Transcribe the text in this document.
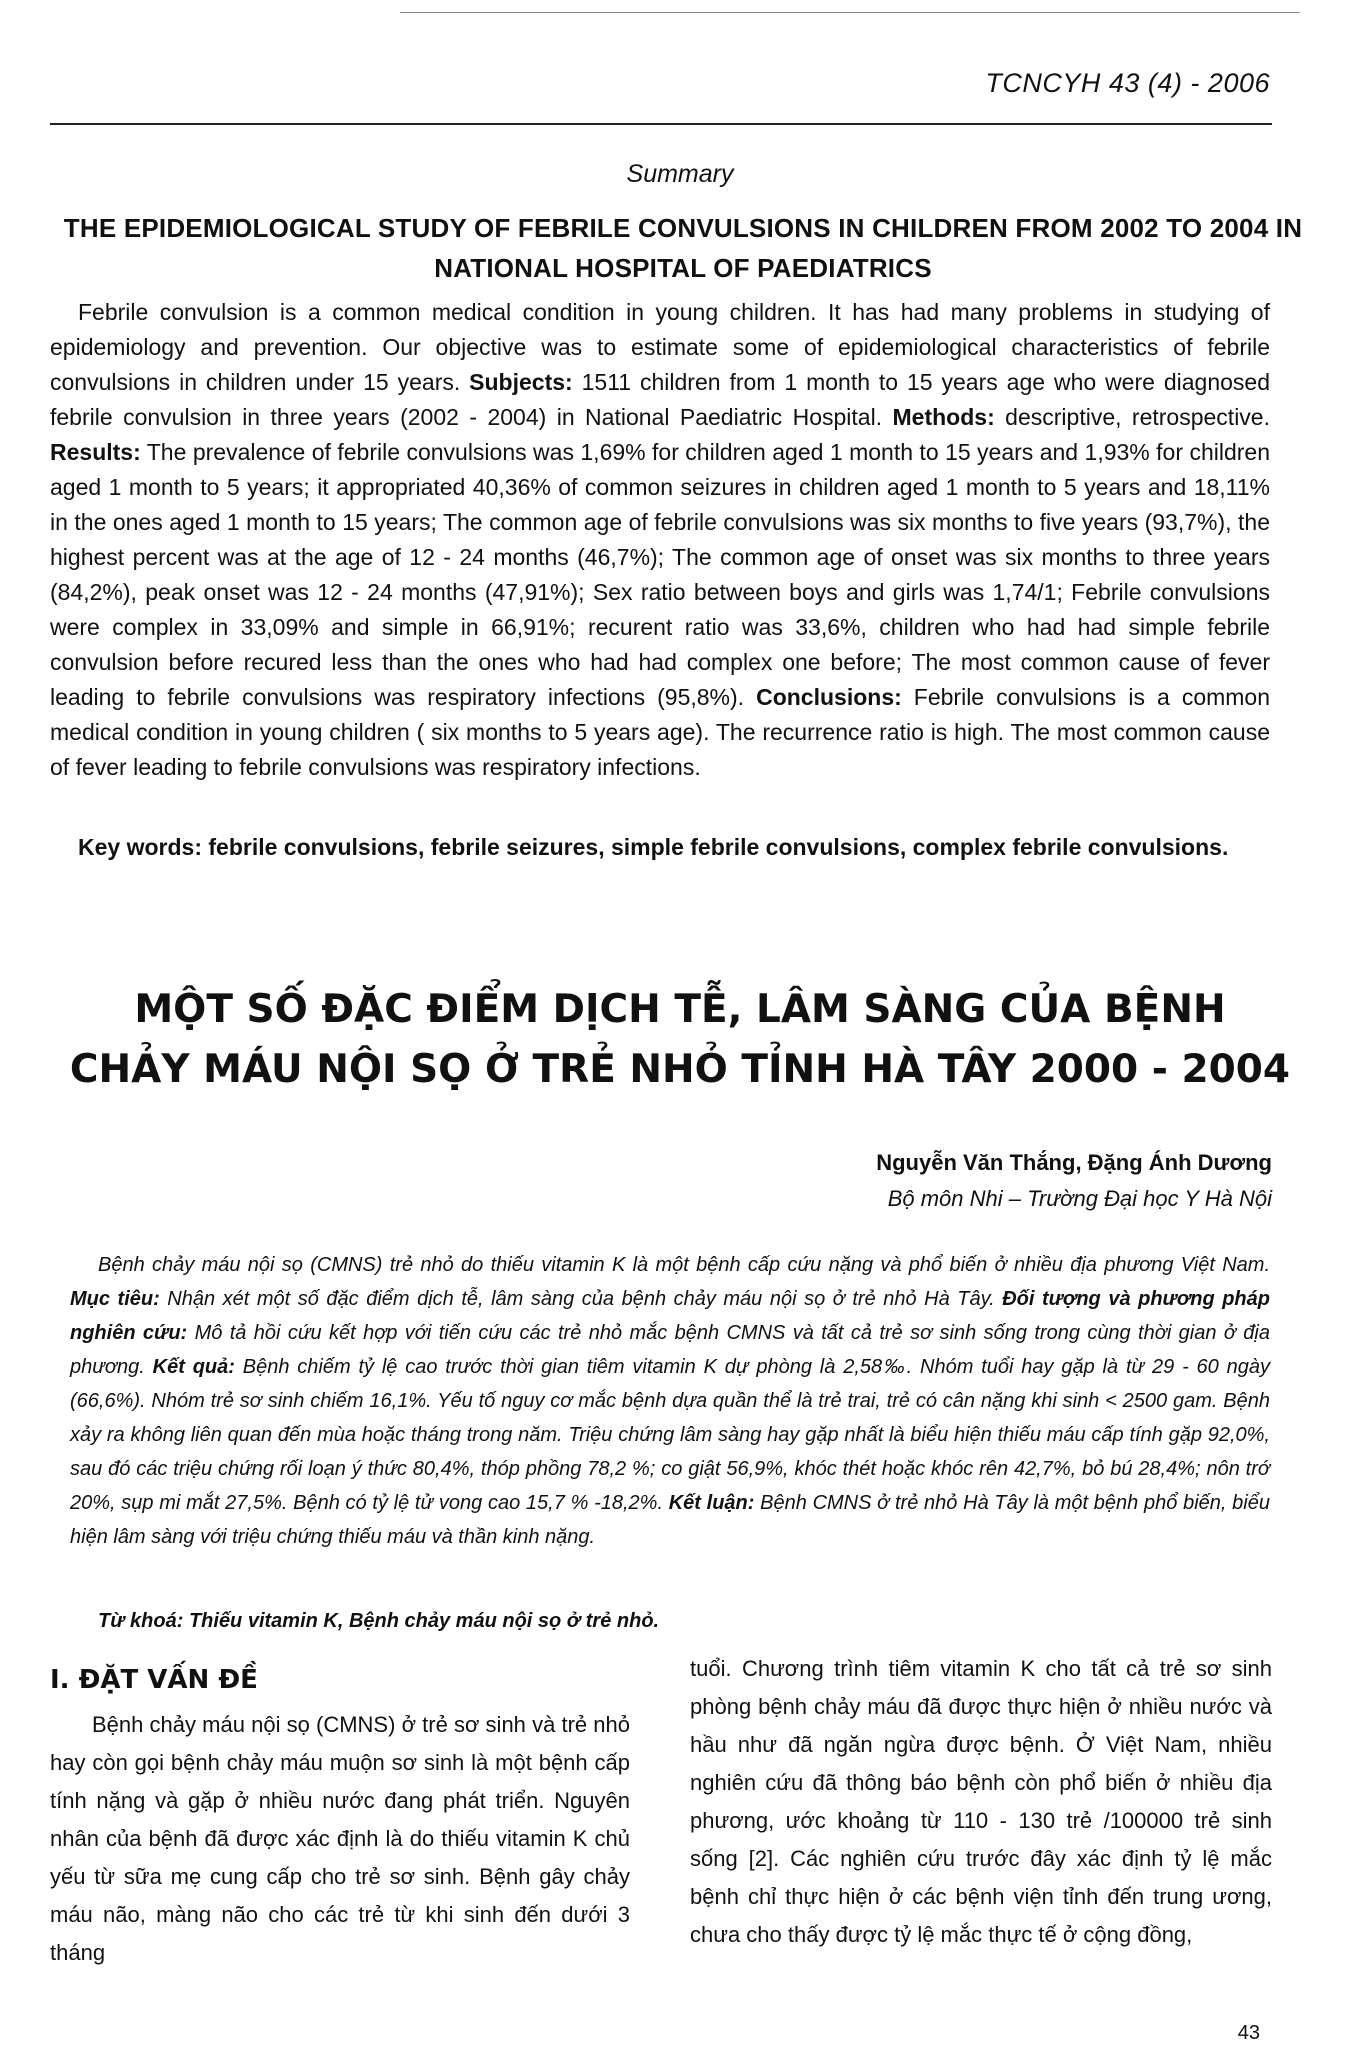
TCNCYH 43 (4) - 2006
Summary
THE EPIDEMIOLOGICAL STUDY OF FEBRILE CONVULSIONS IN CHILDREN FROM 2002 TO 2004 IN NATIONAL HOSPITAL OF PAEDIATRICS

Febrile convulsion is a common medical condition in young children. It has had many problems in studying of epidemiology and prevention. Our objective was to estimate some of epidemiological characteristics of febrile convulsions in children under 15 years. Subjects: 1511 children from 1 month to 15 years age who were diagnosed febrile convulsion in three years (2002 - 2004) in National Paediatric Hospital. Methods: descriptive, retrospective. Results: The prevalence of febrile convulsions was 1,69% for children aged 1 month to 15 years and 1,93% for children aged 1 month to 5 years; it appropriated 40,36% of common seizures in children aged 1 month to 5 years and 18,11% in the ones aged 1 month to 15 years; The common age of febrile convulsions was six months to five years (93,7%), the highest percent was at the age of 12 - 24 months (46,7%); The common age of onset was six months to three years (84,2%), peak onset was 12 - 24 months (47,91%); Sex ratio between boys and girls was 1,74/1; Febrile convulsions were complex in 33,09% and simple in 66,91%; recurent ratio was 33,6%, children who had had simple febrile convulsion before recured less than the ones who had had complex one before; The most common cause of fever leading to febrile convulsions was respiratory infections (95,8%). Conclusions: Febrile convulsions is a common medical condition in young children ( six months to 5 years age). The recurrence ratio is high. The most common cause of fever leading to febrile convulsions was respiratory infections.

Key words: febrile convulsions, febrile seizures, simple febrile convulsions, complex febrile convulsions.
MỘT SỐ ĐẶC ĐIỂM DỊCH TỄ, LÂM SÀNG CỦA BỆNH
CHẢY MÁU NỘI SỌ Ở TRẺ NHỎ TỈNH HÀ TÂY 2000 - 2004
Nguyễn Văn Thắng, Đặng Ánh Dương
Bộ môn Nhi – Trường Đại học Y Hà Nội

Bệnh chảy máu nội sọ (CMNS) trẻ nhỏ do thiếu vitamin K là một bệnh cấp cứu nặng và phổ biến ở nhiều địa phương Việt Nam. Mục tiêu: Nhận xét một số đặc điểm dịch tễ, lâm sàng của bệnh chảy máu nội sọ ở trẻ nhỏ Hà Tây. Đối tượng và phương pháp nghiên cứu: Mô tả hồi cứu kết hợp với tiến cứu các trẻ nhỏ mắc bệnh CMNS và tất cả trẻ sơ sinh sống trong cùng thời gian ở địa phương. Kết quả: Bệnh chiếm tỷ lệ cao trước thời gian tiêm vitamin K dự phòng là 2,58‰. Nhóm tuổi hay gặp là từ 29 - 60 ngày (66,6%). Nhóm trẻ sơ sinh chiếm 16,1%. Yếu tố nguy cơ mắc bệnh dựa quần thể là trẻ trai, trẻ có cân nặng khi sinh < 2500 gam. Bệnh xảy ra không liên quan đến mùa hoặc tháng trong năm. Triệu chứng lâm sàng hay gặp nhất là biểu hiện thiếu máu cấp tính gặp 92,0%, sau đó các triệu chứng rối loạn ý thức 80,4%, thóp phồng 78,2 %; co giật 56,9%, khóc thét hoặc khóc rên 42,7%, bỏ bú 28,4%; nôn trớ 20%, sụp mi mắt 27,5%. Bệnh có tỷ lệ tử vong cao 15,7 % -18,2%. Kết luận: Bệnh CMNS ở trẻ nhỏ Hà Tây là một bệnh phổ biến, biểu hiện lâm sàng với triệu chứng thiếu máu và thần kinh nặng.

Từ khoá: Thiếu vitamin K, Bệnh chảy máu nội sọ ở trẻ nhỏ.
I. ĐẶT VẤN ĐỀ

Bệnh chảy máu nội sọ (CMNS) ở trẻ sơ sinh và trẻ nhỏ hay còn gọi bệnh chảy máu muộn sơ sinh là một bệnh cấp tính nặng và gặp ở nhiều nước đang phát triển. Nguyên nhân của bệnh đã được xác định là do thiếu vitamin K chủ yếu từ sữa mẹ cung cấp cho trẻ sơ sinh. Bệnh gây chảy máu não, màng não cho các trẻ từ khi sinh đến dưới 3 tháng

tuổi. Chương trình tiêm vitamin K cho tất cả trẻ sơ sinh phòng bệnh chảy máu đã được thực hiện ở nhiều nước và hầu như đã ngăn ngừa được bệnh. Ở Việt Nam, nhiều nghiên cứu đã thông báo bệnh còn phổ biến ở nhiều địa phương, ước khoảng từ 110 - 130 trẻ /100000 trẻ sinh sống [2]. Các nghiên cứu trước đây xác định tỷ lệ mắc bệnh chỉ thực hiện ở các bệnh viện tỉnh đến trung ương, chưa cho thấy được tỷ lệ mắc thực tế ở cộng đồng,

43
